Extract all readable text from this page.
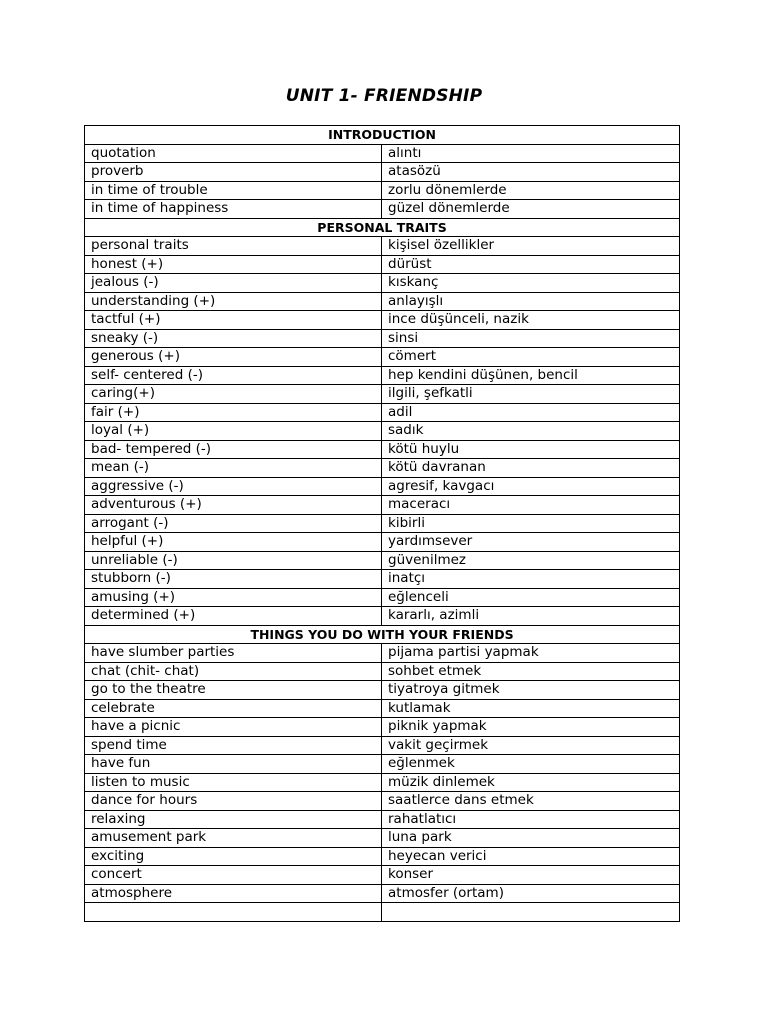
UNIT 1- FRIENDSHIP
INTRODUCTION	
quotation	alıntı
proverb	atasözü
in time of trouble	zorlu dönemlerde
in time of happiness	güzel dönemlerde
PERSONAL TRAITS	
personal traits	kişisel özellikler
honest (+)	dürüst
jealous (-)	kıskanç
understanding (+)	anlayışlı
tactful (+)	ince düşünceli, nazik
sneaky (-)	sinsi
generous (+)	cömert
self- centered (-)	hep kendini düşünen, bencil
caring(+)	ilgili, şefkatli
fair (+)	adil
loyal (+)	sadık
bad- tempered (-)	kötü huylu
mean (-)	kötü davranan
aggressive (-)	agresif, kavgacı
adventurous (+)	maceracı
arrogant (-)	kibirli
helpful (+)	yardımsever
unreliable (-)	güvenilmez
stubborn (-)	inatçı
amusing (+)	eğlenceli
determined (+)	kararlı, azimli
THINGS YOU DO WITH YOUR FRIENDS	
have slumber parties	pijama partisi yapmak
chat (chit- chat)	sohbet etmek
go to the theatre	tiyatroya gitmek
celebrate	kutlamak
have a picnic	piknik yapmak
spend time	vakit geçirmek
have fun	eğlenmek
listen to music	müzik dinlemek
dance for hours	saatlerce dans etmek
relaxing	rahatlatıcı
amusement park	luna park
exciting	heyecan verici
concert	konser
atmosphere	atmosfer (ortam)
